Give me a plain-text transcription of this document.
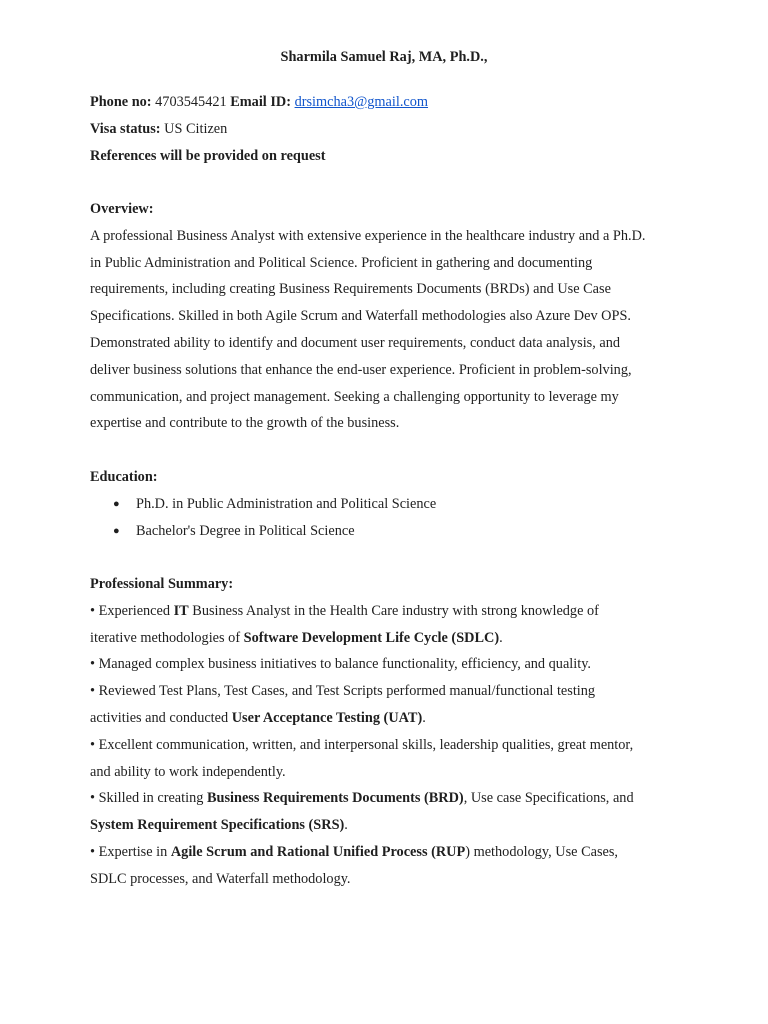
Sharmila Samuel Raj, MA, Ph.D.,
Phone no: 4703545421 Email ID: drsimcha3@gmail.com
Visa status: US Citizen
References will be provided on request
Overview:
A professional Business Analyst with extensive experience in the healthcare industry and a Ph.D.
in Public Administration and Political Science. Proficient in gathering and documenting
requirements, including creating Business Requirements Documents (BRDs) and Use Case
Specifications. Skilled in both Agile Scrum and Waterfall methodologies also Azure Dev OPS.
Demonstrated ability to identify and document user requirements, conduct data analysis, and
deliver business solutions that enhance the end-user experience. Proficient in problem-solving,
communication, and project management. Seeking a challenging opportunity to leverage my
expertise and contribute to the growth of the business.
Education:
● Ph.D. in Public Administration and Political Science
● Bachelor's Degree in Political Science
Professional Summary:
• Experienced IT Business Analyst in the Health Care industry with strong knowledge of
iterative methodologies of Software Development Life Cycle (SDLC).
• Managed complex business initiatives to balance functionality, efficiency, and quality.
• Reviewed Test Plans, Test Cases, and Test Scripts performed manual/functional testing
activities and conducted User Acceptance Testing (UAT).
• Excellent communication, written, and interpersonal skills, leadership qualities, great mentor,
and ability to work independently.
• Skilled in creating Business Requirements Documents (BRD), Use case Specifications, and
System Requirement Specifications (SRS).
• Expertise in Agile Scrum and Rational Unified Process (RUP) methodology, Use Cases,
SDLC processes, and Waterfall methodology.
